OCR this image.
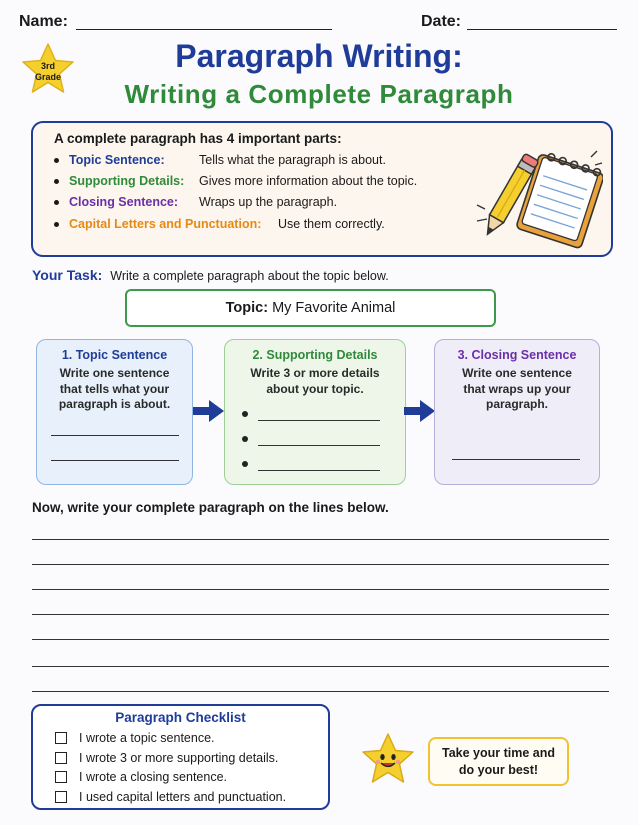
Name:	Date:
3rd
Grade
Paragraph Writing:
Writing a Complete Paragraph
A complete paragraph has 4 important parts:
Topic Sentence:	Tells what the paragraph is about.
Supporting Details: Gives more information about the topic.
Closing Sentence: Wraps up the paragraph.
Capital Letters and Punctuation: Use them correctly.
Your Task: Write a complete paragraph about the topic below.
Topic: My Favorite Animal
1. Topic Sentence
Write one sentence
that tells what your
paragraph is about.
2. Supporting Details
Write 3 or more details
about your topic.
3. Closing Sentence
Write one sentence
that wraps up your
paragraph.
Now, write your complete paragraph on the lines below.
Paragraph Checklist
I wrote a topic sentence.
I wrote 3 or more supporting details.
I wrote a closing sentence.
I used capital letters and punctuation.
Take your time and
do your best!
